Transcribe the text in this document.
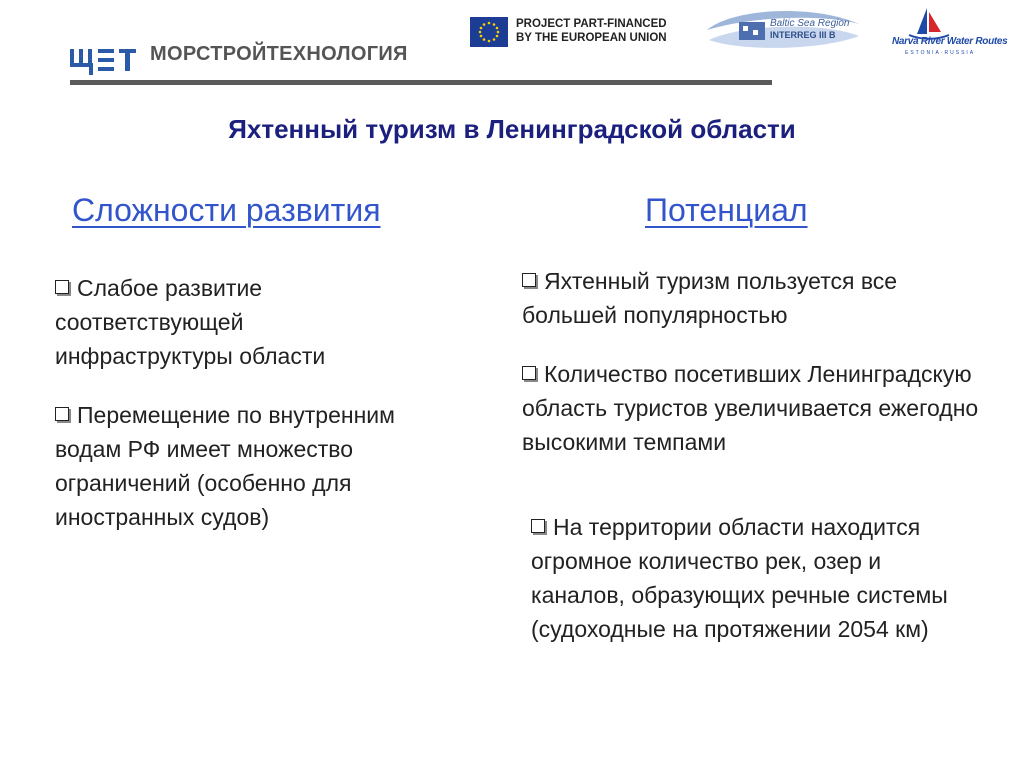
МОРСТРОЙТЕХНОЛОГИЯ
PROJECT PART-FINANCED
BY THE EUROPEAN UNION
Baltic Sea Region
INTERREG III B
Narva River Water Routes
ESTONIA·RUSSIA
Яхтенный туризм в Ленинградской области
Сложности развития	Потенциал
Слабое развитие соответствующей инфраструктуры области
Перемещение по внутренним водам РФ имеет множество ограничений (особенно для иностранных судов)
Яхтенный туризм пользуется все большей популярностью
Количество посетивших Ленинградскую область туристов увеличивается ежегодно высокими темпами
На территории области находится огромное количество рек, озер и каналов, образующих речные системы (судоходные на протяжении 2054 км)
